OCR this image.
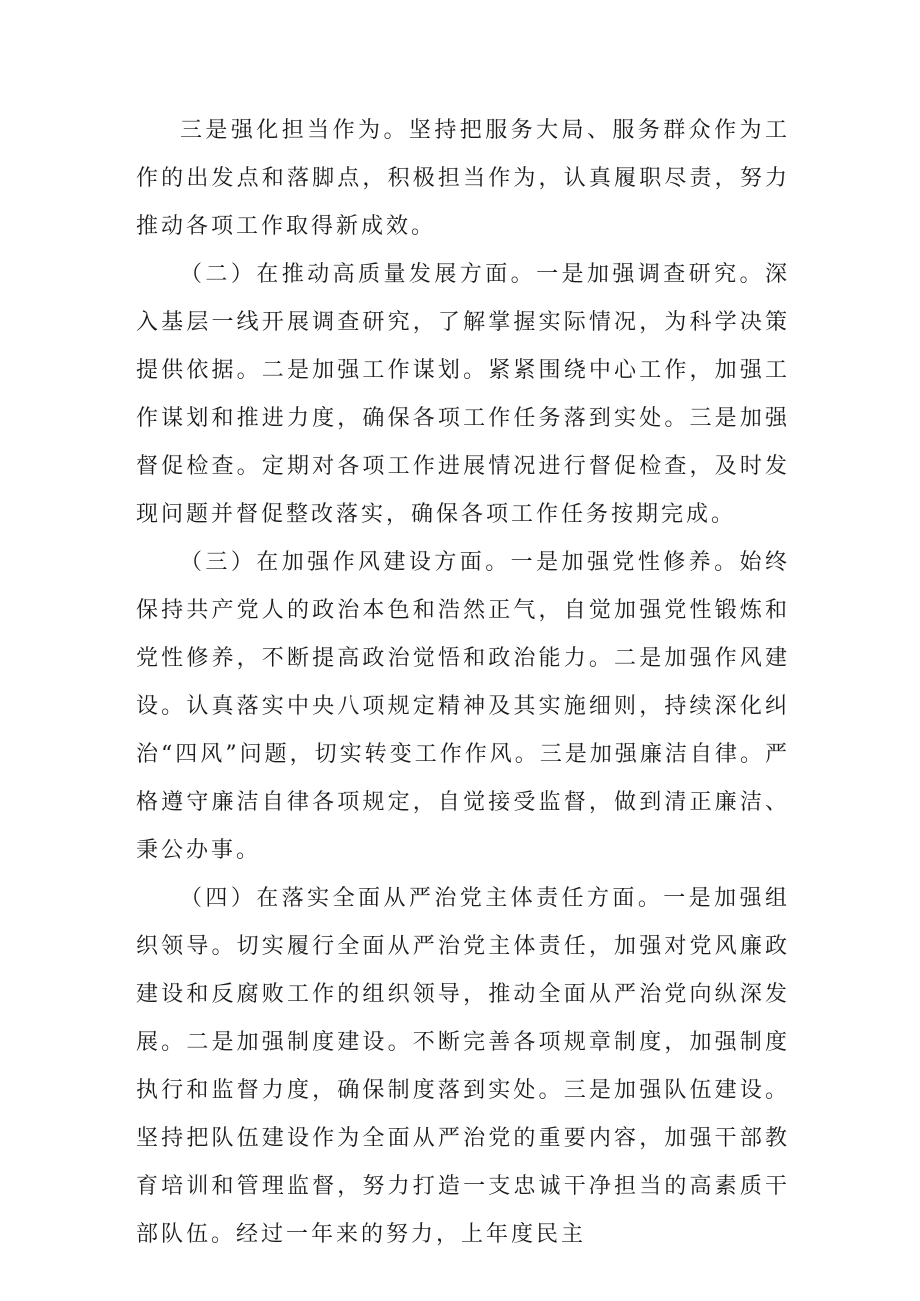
三是强化担当作为。坚持把服务大局、服务群众作为工作的出发点和落脚点，积极担当作为，认真履职尽责，努力推动各项工作取得新成效。

（二）在推动高质量发展方面。一是加强调查研究。深入基层一线开展调查研究，了解掌握实际情况，为科学决策提供依据。二是加强工作谋划。紧紧围绕中心工作，加强工作谋划和推进力度，确保各项工作任务落到实处。三是加强督促检查。定期对各项工作进展情况进行督促检查，及时发现问题并督促整改落实，确保各项工作任务按期完成。

（三）在加强作风建设方面。一是加强党性修养。始终保持共产党人的政治本色和浩然正气，自觉加强党性锻炼和党性修养，不断提高政治觉悟和政治能力。二是加强作风建设。认真落实中央八项规定精神及其实施细则，持续深化纠治“四风”问题，切实转变工作作风。三是加强廉洁自律。严格遵守廉洁自律各项规定，自觉接受监督，做到清正廉洁、秉公办事。

（四）在落实全面从严治党主体责任方面。一是加强组织领导。切实履行全面从严治党主体责任，加强对党风廉政建设和反腐败工作的组织领导，推动全面从严治党向纵深发展。二是加强制度建设。不断完善各项规章制度，加强制度执行和监督力度，确保制度落到实处。三是加强队伍建设。坚持把队伍建设作为全面从严治党的重要内容，加强干部教育培训和管理监督，努力打造一支忠诚干净担当的高素质干部队伍。经过一年来的努力，上年度民主
